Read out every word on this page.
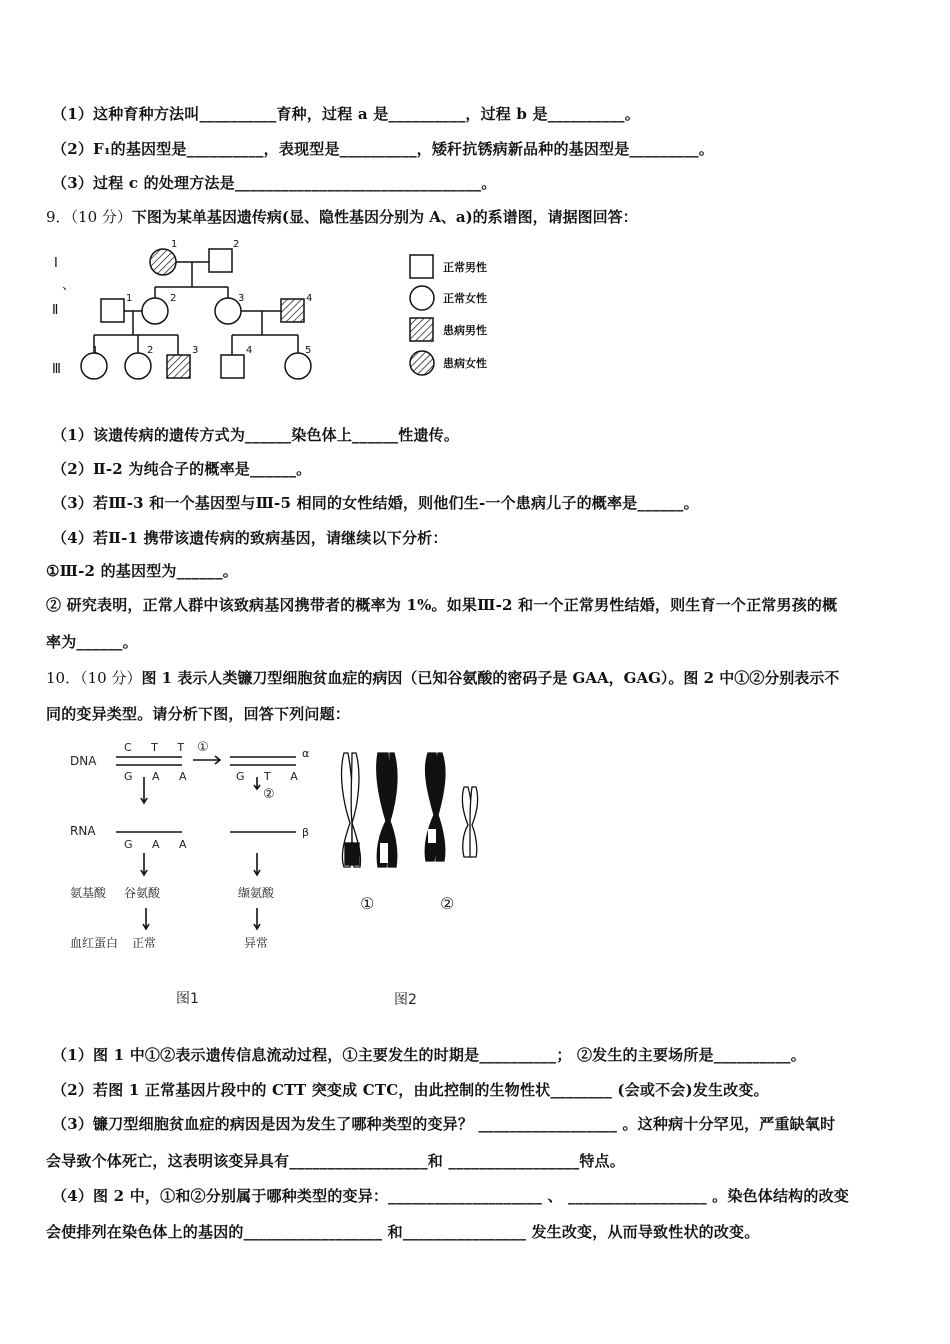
（1）这种育种方法叫__________育种，过程 a 是__________，过程 b 是__________。
（2）F₁的基因型是__________，表现型是__________，矮秆抗锈病新品种的基因型是_________。
（3）过程 c 的处理方法是________________________________。
9．（10 分）下图为某单基因遗传病(显、隐性基因分别为 A、a)的系谱图，请据图回答：
1	2
1	2	3	4
1	2	3	4	5
I
、
Ⅱ
Ⅲ
正常男性
正常女性
患病男性
患病女性
（1）该遗传病的遗传方式为______染色体上______性遗传。
（2）Ⅱ-2 为纯合子的概率是______。
（3）若Ⅲ-3 和一个基因型与Ⅲ-5 相同的女性结婚，则他们生-一个患病儿子的概率是______。
（4）若Ⅱ-1 携带该遗传病的致病基因，请继续以下分析：
①Ⅲ-2 的基因型为______。
② 研究表明，正常人群中该致病基冈携带者的概率为 1%。如果Ⅲ-2 和一个正常男性结婚，则生育一个正常男孩的概
率为______。
10．（10 分）图 1 表示人类镰刀型细胞贫血症的病因（已知谷氨酸的密码子是 GAA，GAG）。图 2 中①②分别表示不
同的变异类型。请分析下图，回答下列问题：
DNA
C T T
G A A
①	α
G T A
②
RNA	β
G A A
氨基酸 谷氨酸	缬氨酸
血红蛋白 正常	异常
图1
①	②
图2
（1）图 1 中①②表示遗传信息流动过程，①主要发生的时期是__________； ②发生的主要场所是__________。
（2）若图 1 正常基因片段中的 CTT 突变成 CTC，由此控制的生物性状________ (会或不会)发生改变。
（3）镰刀型细胞贫血症的病因是因为发生了哪种类型的变异？ __________________ 。这种病十分罕见，严重缺氧时
会导致个体死亡，这表明该变异具有__________________和 _________________特点。
（4）图 2 中，①和②分别属于哪种类型的变异：____________________ 、 __________________ 。染色体结构的改变
会使排列在染色体上的基因的__________________ 和________________ 发生改变，从而导致性状的改变。
